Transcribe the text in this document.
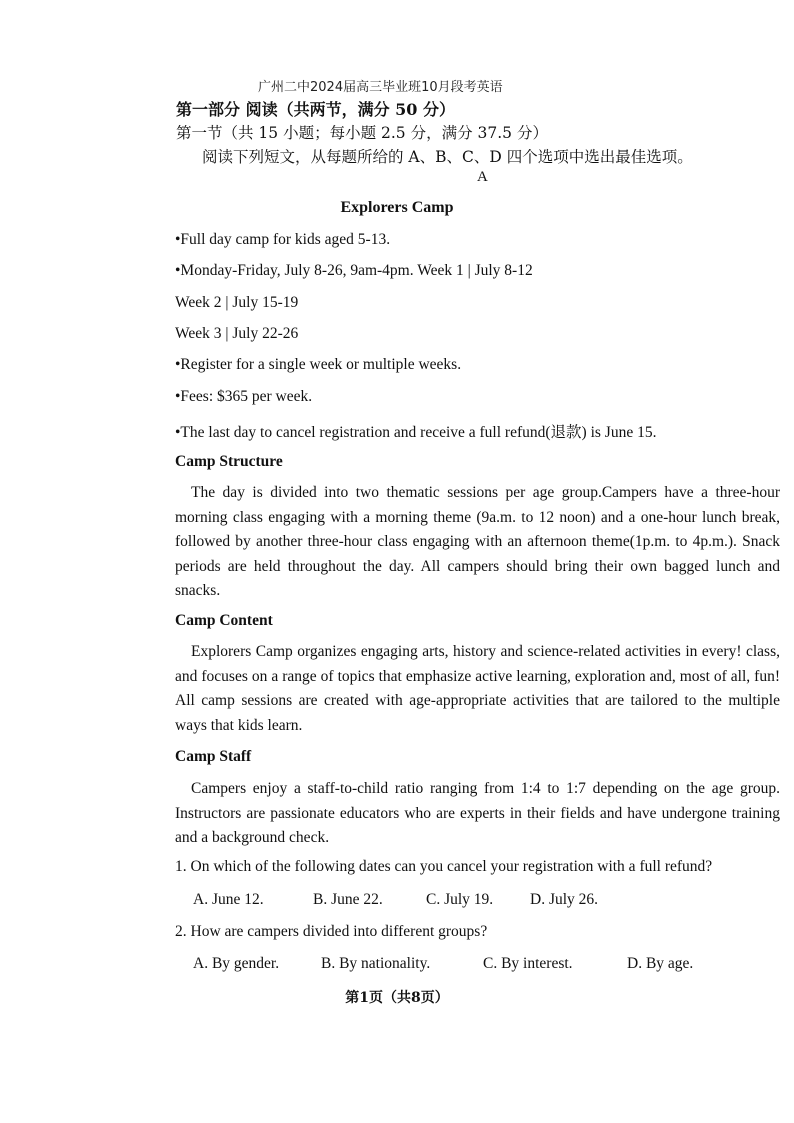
广州二中2024届高三毕业班10月段考英语
第一部分 阅读（共两节，满分 50 分）
第一节（共 15 小题；每小题 2.5 分，满分 37.5 分）
阅读下列短文，从每题所给的 A、B、C、D 四个选项中选出最佳选项。
A
Explorers Camp
•Full day camp for kids aged 5-13.
•Monday-Friday, July 8-26, 9am-4pm. Week 1 | July 8-12
Week 2 | July 15-19
Week 3 | July 22-26
•Register for a single week or multiple weeks.
•Fees: $365 per week.
•The last day to cancel registration and receive a full refund(退款) is June 15.
Camp Structure
The day is divided into two thematic sessions per age group.Campers have a three-hour morning class engaging with a morning theme (9a.m. to 12 noon) and a one-hour lunch break, followed by another three-hour class engaging with an afternoon theme(1p.m. to 4p.m.). Snack periods are held throughout the day. All campers should bring their own bagged lunch and snacks.
Camp Content
Explorers Camp organizes engaging arts, history and science-related activities in every! class, and focuses on a range of topics that emphasize active learning, exploration and, most of all, fun! All camp sessions are created with age-appropriate activities that are tailored to the multiple ways that kids learn.
Camp Staff
Campers enjoy a staff-to-child ratio ranging from 1:4 to 1:7 depending on the age group. Instructors are passionate educators who are experts in their fields and have undergone training and a background check.
1. On which of the following dates can you cancel your registration with a full refund?
A. June 12.	B. June 22.	C. July 19. D. July 26.
2. How are campers divided into different groups?
A. By gender.	B. By nationality.	C. By interest.	D. By age.
第1页（共8页）
